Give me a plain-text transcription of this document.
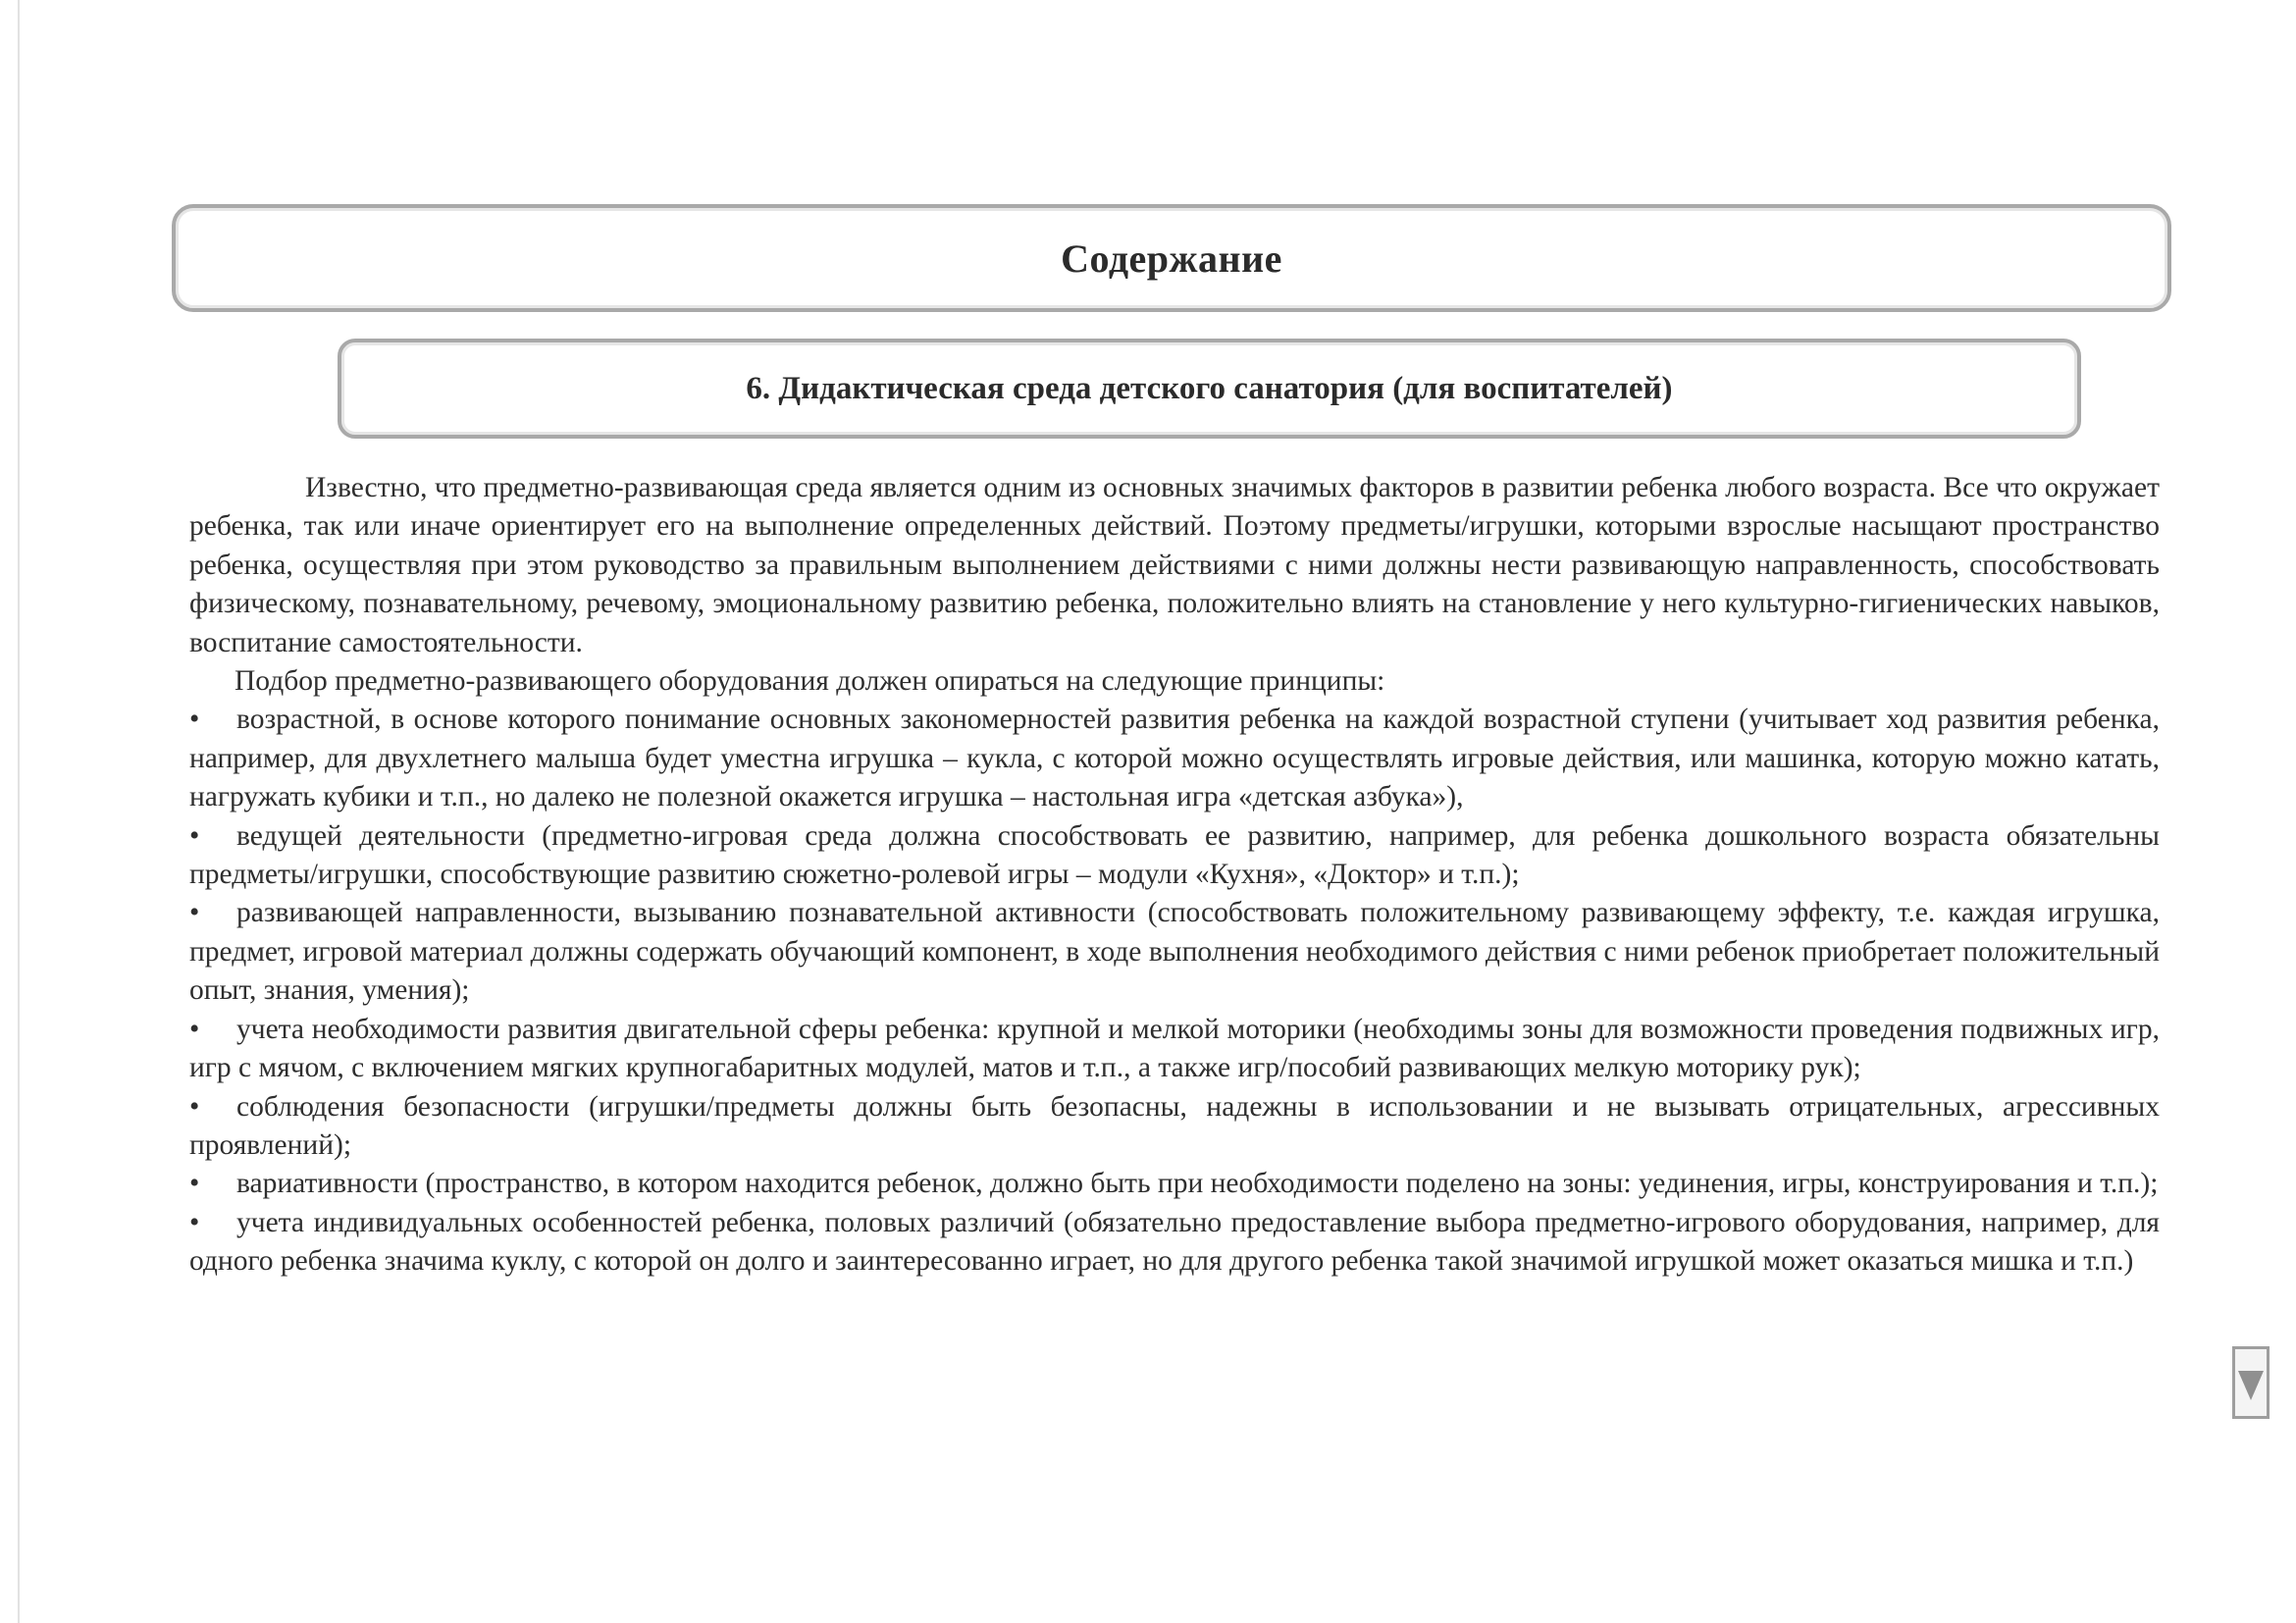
Содержание
6. Дидактическая среда детского санатория (для воспитателей)

Известно, что предметно-развивающая среда является одним из основных значимых факторов в развитии ребенка любого возраста. Все что окружает ребенка, так или иначе ориентирует его на выполнение определенных действий. Поэтому предметы/игрушки, которыми взрослые насыщают пространство ребенка, осуществляя при этом руководство за правильным выполнением действиями с ними должны нести развивающую направленность, способствовать физическому, познавательному, речевому, эмоциональному развитию ребенка, положительно влиять на становление у него культурно-гигиенических навыков, воспитание самостоятельности.

Подбор предметно-развивающего оборудования должен опираться на следующие принципы:

• возрастной, в основе которого понимание основных закономерностей развития ребенка на каждой возрастной ступени (учитывает ход развития ребенка, например, для двухлетнего малыша будет уместна игрушка – кукла, с которой можно осуществлять игровые действия, или машинка, которую можно катать, нагружать кубики и т.п., но далеко не полезной окажется игрушка – настольная игра «детская азбука»),

• ведущей деятельности (предметно-игровая среда должна способствовать ее развитию, например, для ребенка дошкольного возраста обязательны предметы/игрушки, способствующие развитию сюжетно-ролевой игры – модули «Кухня», «Доктор» и т.п.);

• развивающей направленности, вызыванию познавательной активности (способствовать положительному развивающему эффекту, т.е. каждая игрушка, предмет, игровой материал должны содержать обучающий компонент, в ходе выполнения необходимого действия с ними ребенок приобретает положительный опыт, знания, умения);

• учета необходимости развития двигательной сферы ребенка: крупной и мелкой моторики (необходимы зоны для возможности проведения подвижных игр, игр с мячом, с включением мягких крупногабаритных модулей, матов и т.п., а также игр/пособий развивающих мелкую моторику рук);

• соблюдения безопасности (игрушки/предметы должны быть безопасны, надежны в использовании и не вызывать отрицательных, агрессивных проявлений);

• вариативности (пространство, в котором находится ребенок, должно быть при необходимости поделено на зоны: уединения, игры, конструирования и т.п.);

• учета индивидуальных особенностей ребенка, половых различий (обязательно предоставление выбора предметно-игрового оборудования, например, для одного ребенка значима куклу, с которой он долго и заинтересованно играет, но для другого ребенка такой значимой игрушкой может оказаться мишка и т.п.)
